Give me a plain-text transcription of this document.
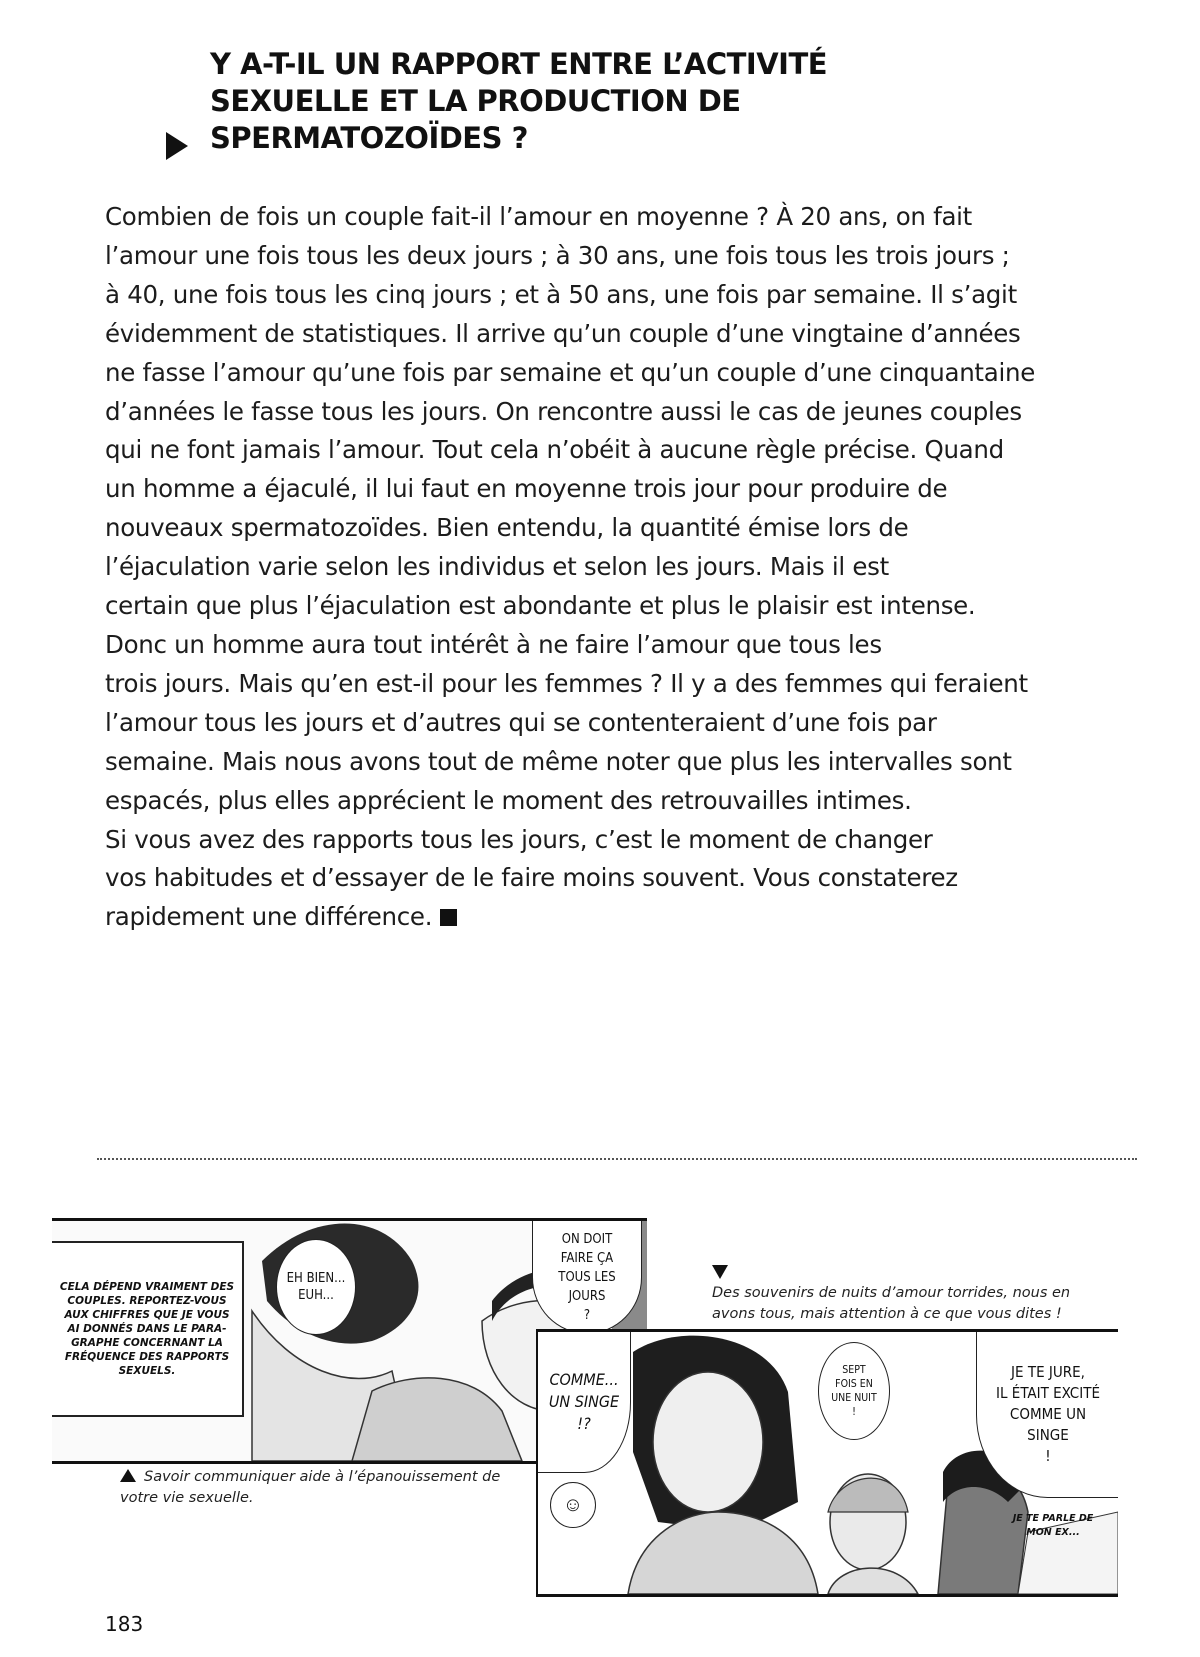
Y A-T-IL UN RAPPORT ENTRE L’ACTIVITÉ
SEXUELLE ET LA PRODUCTION DE
SPERMATOZOÏDES ?
Combien de fois un couple fait-il l’amour en moyenne ? À 20 ans, on fait
l’amour une fois tous les deux jours ; à 30 ans, une fois tous les trois jours ;
à 40, une fois tous les cinq jours ; et à 50 ans, une fois par semaine. Il s’agit
évidemment de statistiques. Il arrive qu’un couple d’une vingtaine d’années
ne fasse l’amour qu’une fois par semaine et qu’un couple d’une cinquantaine
d’années le fasse tous les jours. On rencontre aussi le cas de jeunes couples
qui ne font jamais l’amour. Tout cela n’obéit à aucune règle précise. Quand
un homme a éjaculé, il lui faut en moyenne trois jour pour produire de
nouveaux spermatozoïdes. Bien entendu, la quantité émise lors de
l’éjaculation varie selon les individus et selon les jours. Mais il est
certain que plus l’éjaculation est abondante et plus le plaisir est intense.
Donc un homme aura tout intérêt à ne faire l’amour que tous les
trois jours. Mais qu’en est-il pour les femmes ? Il y a des femmes qui feraient
l’amour tous les jours et d’autres qui se contenteraient d’une fois par
semaine. Mais nous avons tout de même noter que plus les intervalles sont
espacés, plus elles apprécient le moment des retrouvailles intimes.
Si vous avez des rapports tous les jours, c’est le moment de changer
vos habitudes et d’essayer de le faire moins souvent. Vous constaterez
rapidement une différence.
CELA DÉPEND VRAIMENT DES COUPLES. REPORTEZ-VOUS AUX CHIFFRES QUE JE VOUS AI DONNÉS DANS LE PARA-GRAPHE CONCERNANT LA FRÉQUENCE DES RAPPORTS SEXUELS.
EH BIEN...
EUH...
ON DOIT
FAIRE ÇA
TOUS LES
JOURS
?
Savoir communiquer aide à l’épanouissement de votre vie sexuelle.
Des souvenirs de nuits d’amour torrides, nous en avons tous, mais attention à ce que vous dites !
COMME...
UN SINGE
!?
☺
SEPT
FOIS EN
UNE NUIT
!
JE TE JURE,
IL ÉTAIT EXCITÉ
COMME UN
SINGE
!
JE TE PARLE DE
MON EX...
183
